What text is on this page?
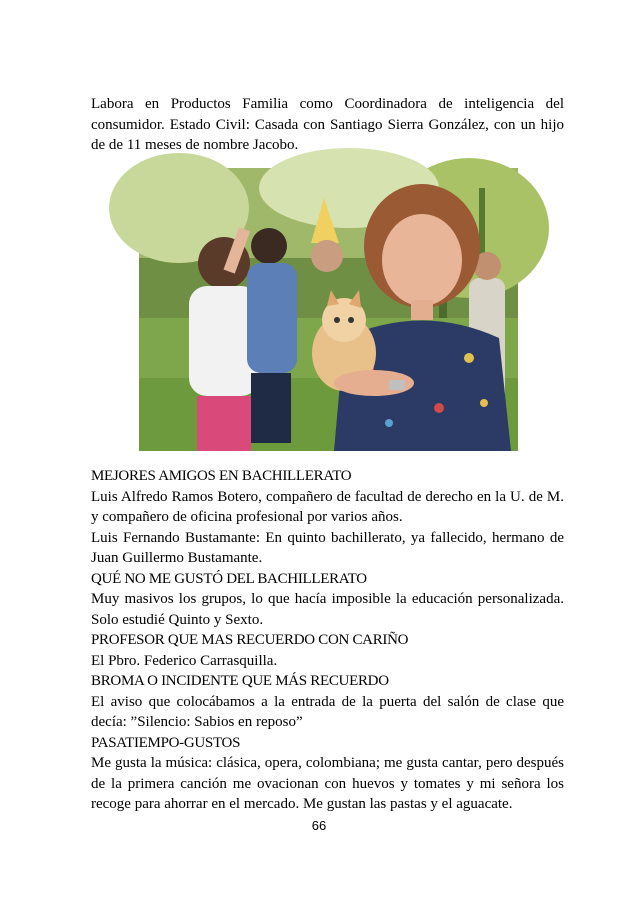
Labora en Productos Familia como Coordinadora de inteligencia del consumidor. Estado Civil: Casada con Santiago Sierra González, con un hijo de de 11 meses de nombre Jacobo.
MEJORES AMIGOS EN BACHILLERATO

Luis Alfredo Ramos Botero, compañero de facultad de derecho en la U. de M. y compañero de oficina profesional por varios años.

Luis Fernando Bustamante: En quinto bachillerato, ya fallecido, hermano de Juan Guillermo Bustamante.

QUÉ NO ME GUSTÓ DEL BACHILLERATO

Muy masivos los grupos, lo que hacía imposible la educación personalizada. Solo estudié Quinto y Sexto.

PROFESOR QUE MAS RECUERDO CON CARIÑO

El Pbro. Federico Carrasquilla.

BROMA O INCIDENTE QUE MÁS RECUERDO

El aviso que colocábamos a la entrada de la puerta del salón de clase que decía: ”Silencio: Sabios en reposo”

PASATIEMPO-GUSTOS

Me gusta la música: clásica, opera, colombiana; me gusta cantar, pero después de la primera canción me ovacionan con huevos y tomates y mi señora los recoge para ahorrar en el mercado. Me gustan las pastas y el aguacate.

66
